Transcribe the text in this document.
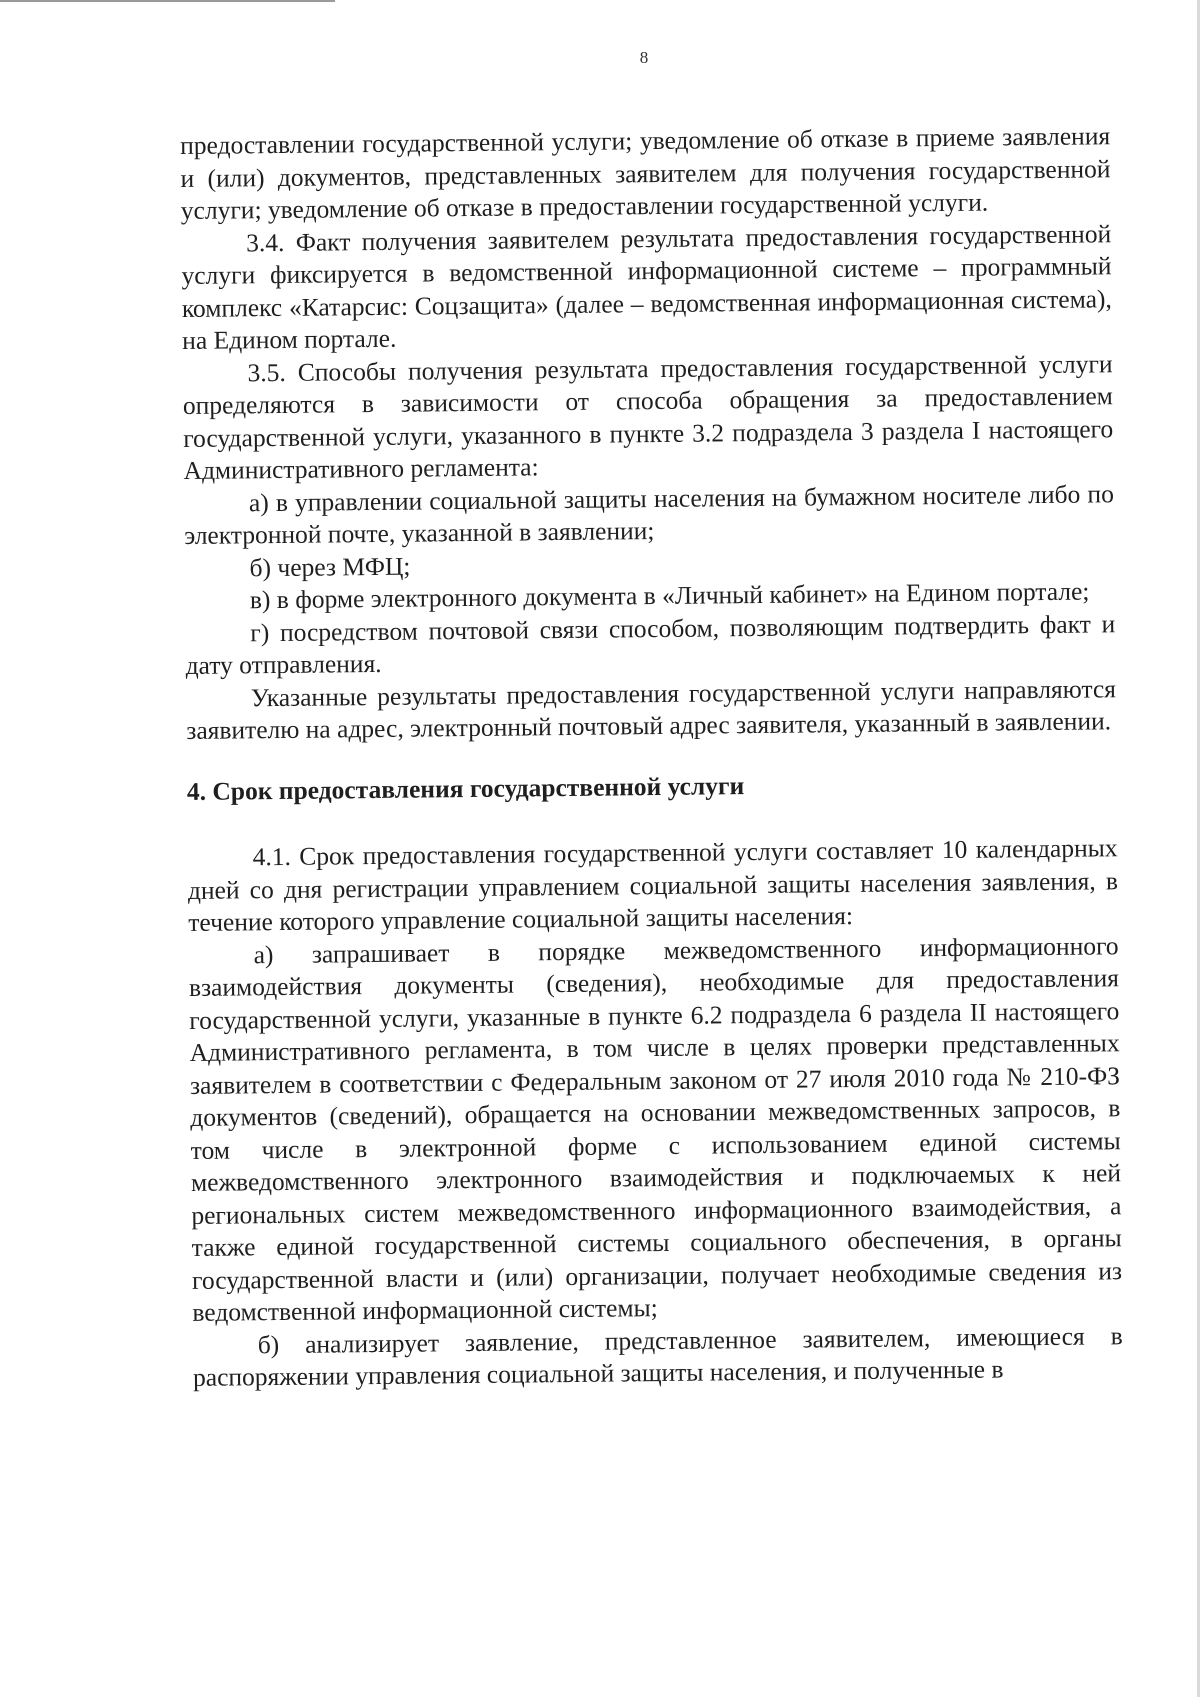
8

предоставлении государственной услуги; уведомление об отказе в приеме заявления и (или) документов, представленных заявителем для получения государственной услуги; уведомление об отказе в предоставлении государственной услуги.

3.4. Факт получения заявителем результата предоставления государственной услуги фиксируется в ведомственной информационной системе – программный комплекс «Катарсис: Соцзащита» (далее – ведомственная информационная система), на Едином портале.

3.5. Способы получения результата предоставления государственной услуги определяются в зависимости от способа обращения за предоставлением государственной услуги, указанного в пункте 3.2 подраздела 3 раздела I настоящего Административного регламента:

а) в управлении социальной защиты населения на бумажном носителе либо по электронной почте, указанной в заявлении;

б) через МФЦ;

в) в форме электронного документа в «Личный кабинет» на Едином портале;

г) посредством почтовой связи способом, позволяющим подтвердить факт и дату отправления.

Указанные результаты предоставления государственной услуги направляются заявителю на адрес, электронный почтовый адрес заявителя, указанный в заявлении.

4. Срок предоставления государственной услуги

4.1. Срок предоставления государственной услуги составляет 10 календарных дней со дня регистрации управлением социальной защиты населения заявления, в течение которого управление социальной защиты населения:

а) запрашивает в порядке межведомственного информационного взаимодействия документы (сведения), необходимые для предоставления государственной услуги, указанные в пункте 6.2 подраздела 6 раздела II настоящего Административного регламента, в том числе в целях проверки представленных заявителем в соответствии с Федеральным законом от 27 июля 2010 года № 210-ФЗ документов (сведений), обращается на основании межведомственных запросов, в том числе в электронной форме с использованием единой системы межведомственного электронного взаимодействия и подключаемых к ней региональных систем межведомственного информационного взаимодействия, а также единой государственной системы социального обеспечения, в органы государственной власти и (или) организации, получает необходимые сведения из ведомственной информационной системы;

б) анализирует заявление, представленное заявителем, имеющиеся в распоряжении управления социальной защиты населения, и полученные в
